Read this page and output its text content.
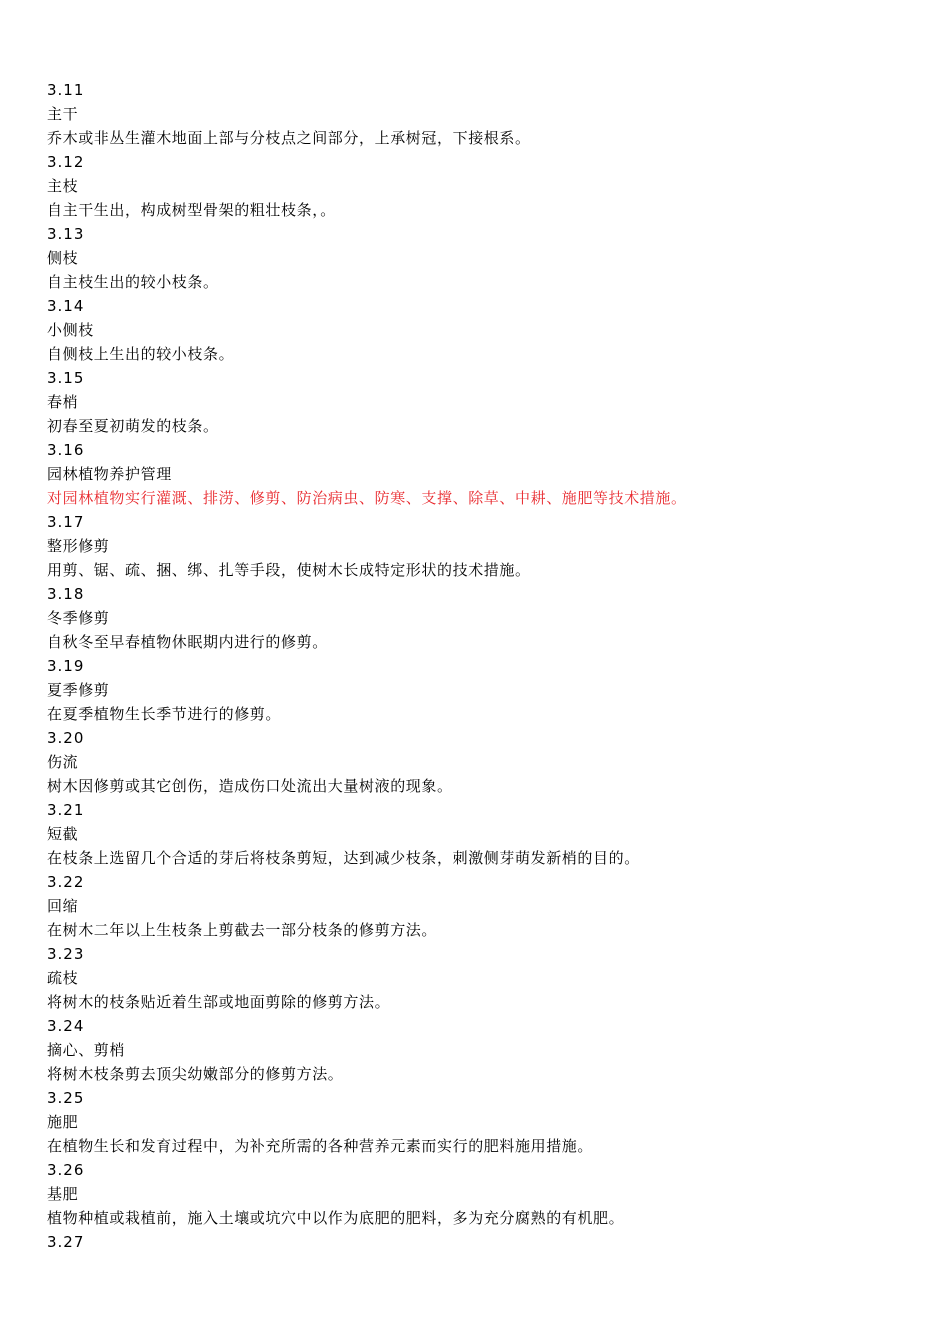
3.11
主干
乔木或非丛生灌木地面上部与分枝点之间部分，上承树冠，下接根系。
3.12
主枝
自主干生出，构成树型骨架的粗壮枝条，。
3.13
侧枝
自主枝生出的较小枝条。
3.14
小侧枝
自侧枝上生出的较小枝条。
3.15
春梢
初春至夏初萌发的枝条。
3.16
园林植物养护管理
对园林植物实行灌溉、排涝、修剪、防治病虫、防寒、支撑、除草、中耕、施肥等技术措施。
3.17
整形修剪
用剪、锯、疏、捆、绑、扎等手段，使树木长成特定形状的技术措施。
3.18
冬季修剪
自秋冬至早春植物休眠期内进行的修剪。
3.19
夏季修剪
在夏季植物生长季节进行的修剪。
3.20
伤流
树木因修剪或其它创伤，造成伤口处流出大量树液的现象。
3.21
短截
在枝条上选留几个合适的芽后将枝条剪短，达到减少枝条，刺激侧芽萌发新梢的目的。
3.22
回缩
在树木二年以上生枝条上剪截去一部分枝条的修剪方法。
3.23
疏枝
将树木的枝条贴近着生部或地面剪除的修剪方法。
3.24
摘心、剪梢
将树木枝条剪去顶尖幼嫩部分的修剪方法。
3.25
施肥
在植物生长和发育过程中，为补充所需的各种营养元素而实行的肥料施用措施。
3.26
基肥
植物种植或栽植前，施入土壤或坑穴中以作为底肥的肥料，多为充分腐熟的有机肥。
3.27
